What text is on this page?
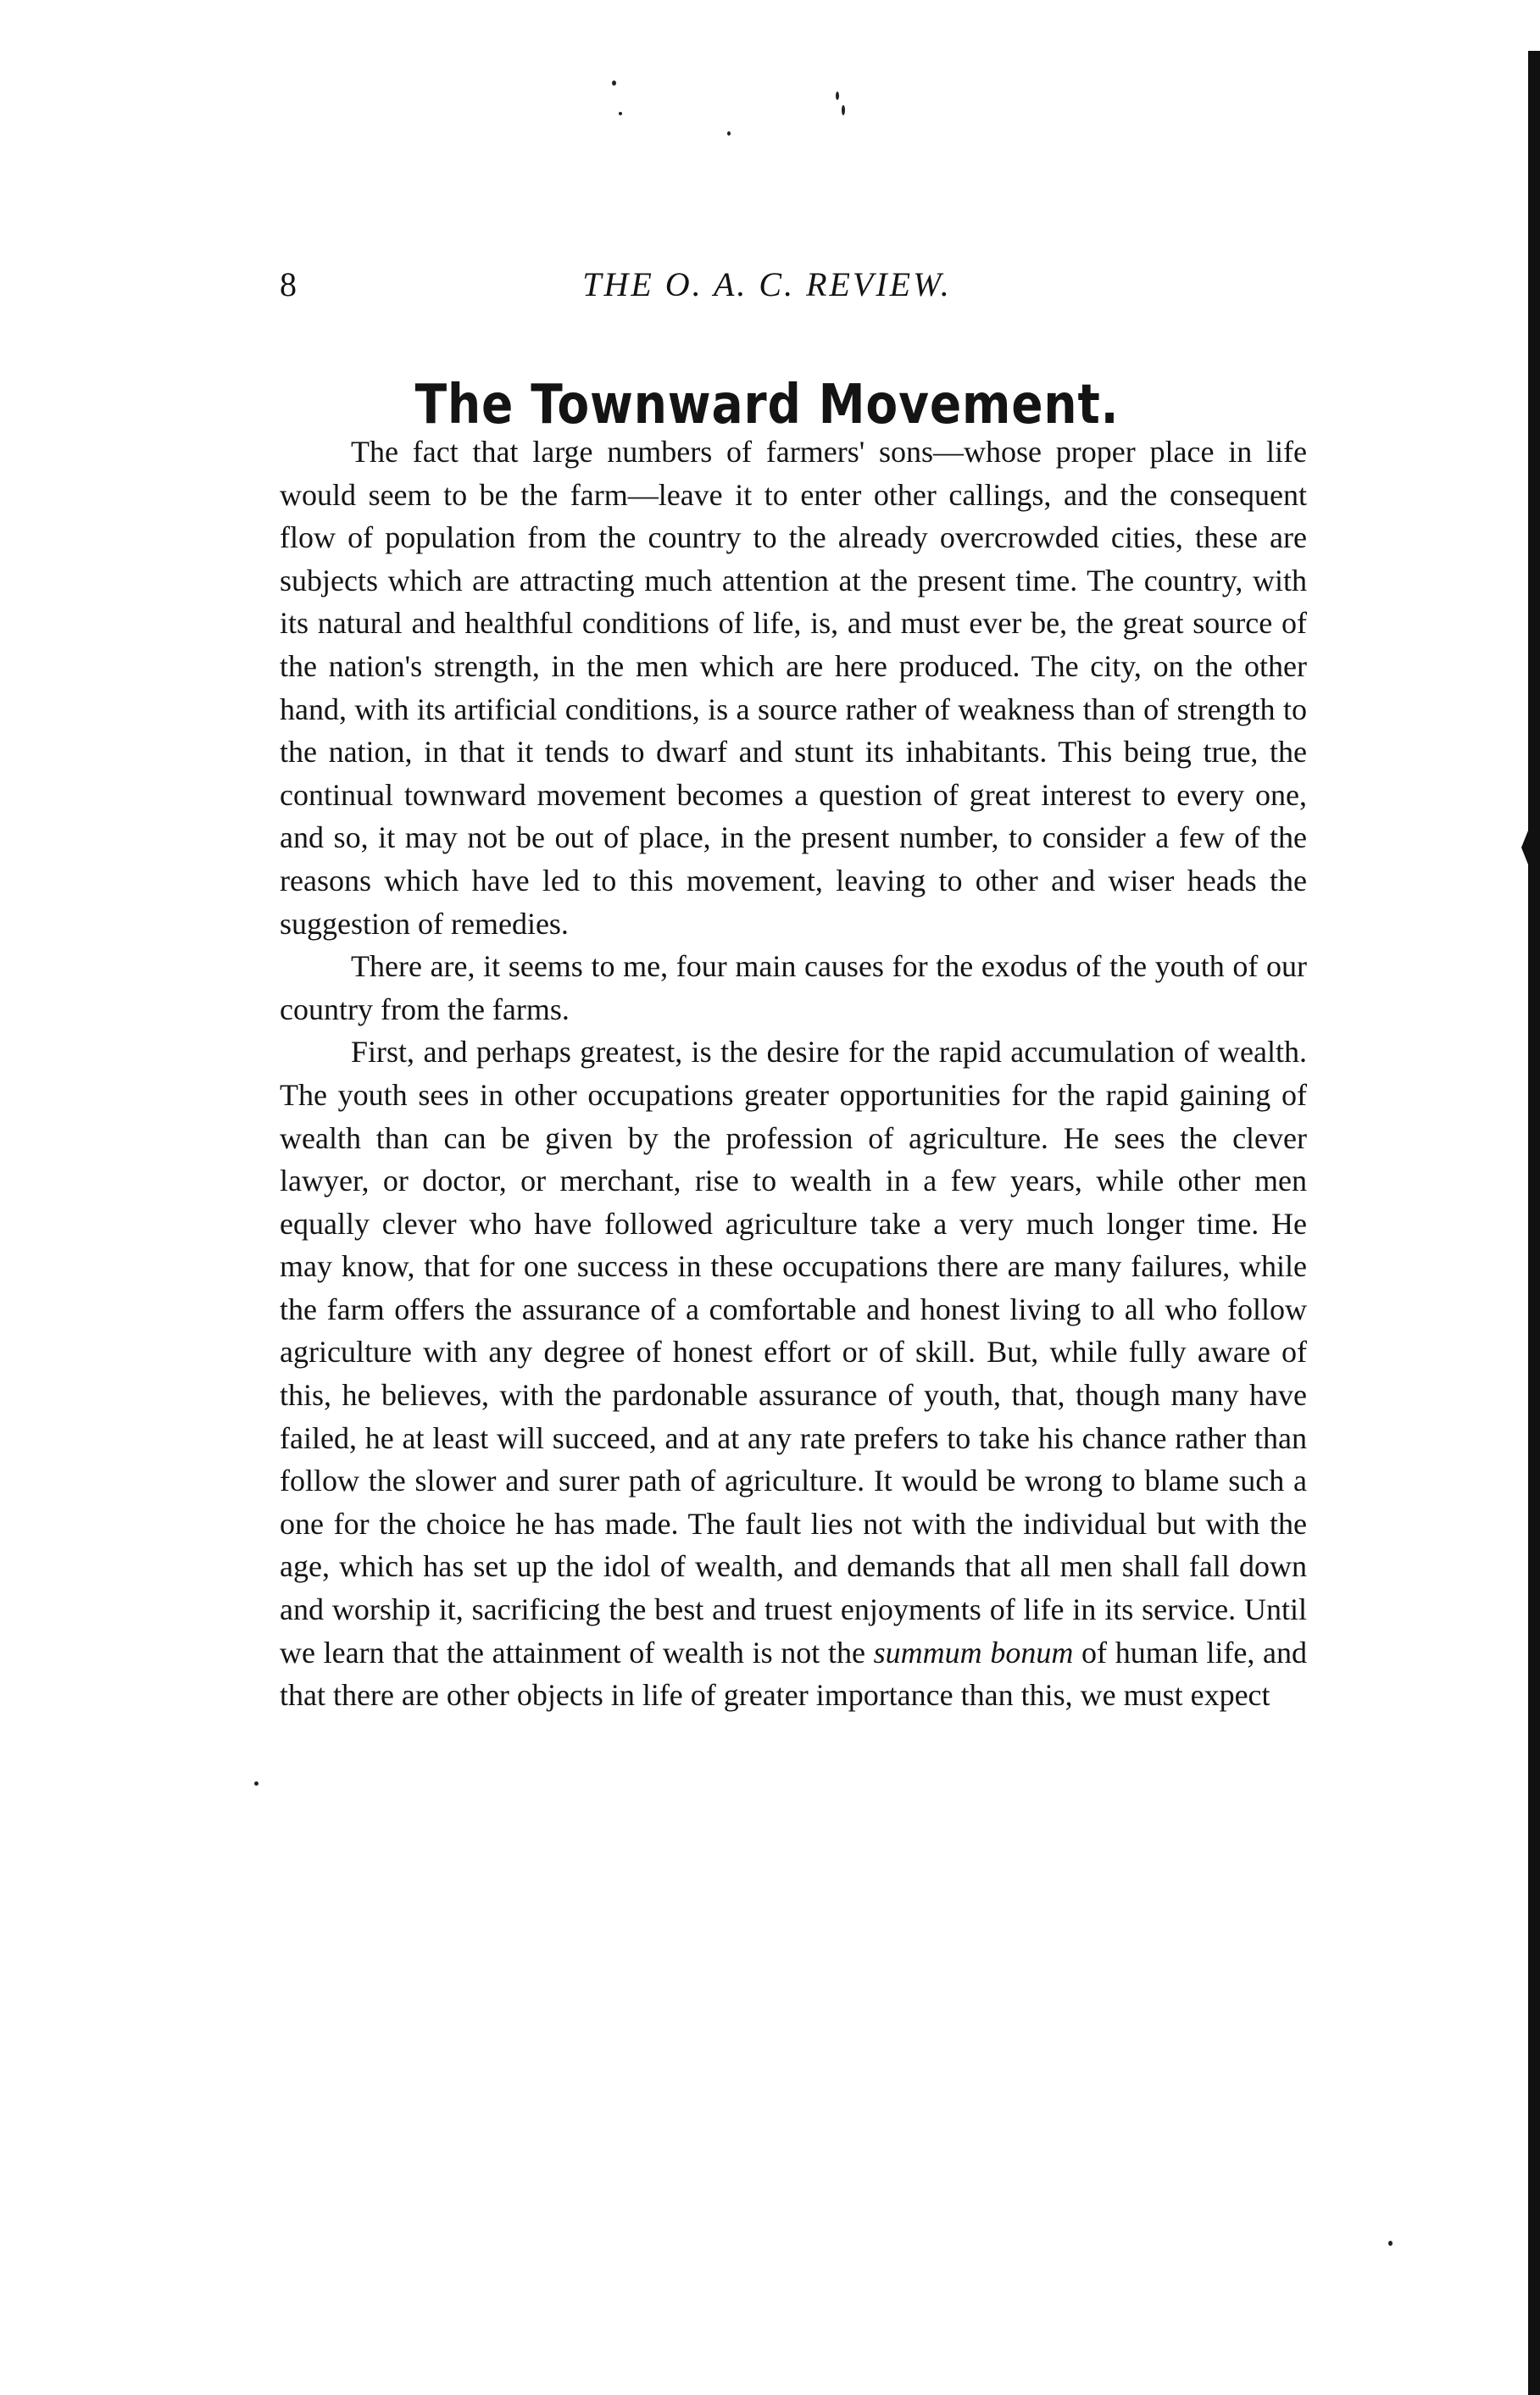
8	THE O. A. C. REVIEW.
The Townward Movement.

The fact that large numbers of farmers' sons—whose proper place in life would seem to be the farm—leave it to enter other callings, and the consequent flow of population from the country to the already overcrowded cities, these are subjects which are attracting much attention at the present time. The country, with its natural and healthful conditions of life, is, and must ever be, the great source of the nation's strength, in the men which are here produced. The city, on the other hand, with its artificial conditions, is a source rather of weakness than of strength to the nation, in that it tends to dwarf and stunt its inhabitants. This being true, the continual townward movement becomes a question of great interest to every one, and so, it may not be out of place, in the present number, to consider a few of the reasons which have led to this movement, leaving to other and wiser heads the suggestion of remedies.

There are, it seems to me, four main causes for the exodus of the youth of our country from the farms.

First, and perhaps greatest, is the desire for the rapid accumulation of wealth. The youth sees in other occupations greater opportunities for the rapid gaining of wealth than can be given by the profession of agriculture. He sees the clever lawyer, or doctor, or merchant, rise to wealth in a few years, while other men equally clever who have followed agriculture take a very much longer time. He may know, that for one success in these occupations there are many failures, while the farm offers the assurance of a comfortable and honest living to all who follow agriculture with any degree of honest effort or of skill. But, while fully aware of this, he believes, with the pardonable assurance of youth, that, though many have failed, he at least will succeed, and at any rate prefers to take his chance rather than follow the slower and surer path of agriculture. It would be wrong to blame such a one for the choice he has made. The fault lies not with the individual but with the age, which has set up the idol of wealth, and demands that all men shall fall down and worship it, sacrificing the best and truest enjoyments of life in its service. Until we learn that the attainment of wealth is not the summum bonum of human life, and that there are other objects in life of greater importance than this, we must expect
